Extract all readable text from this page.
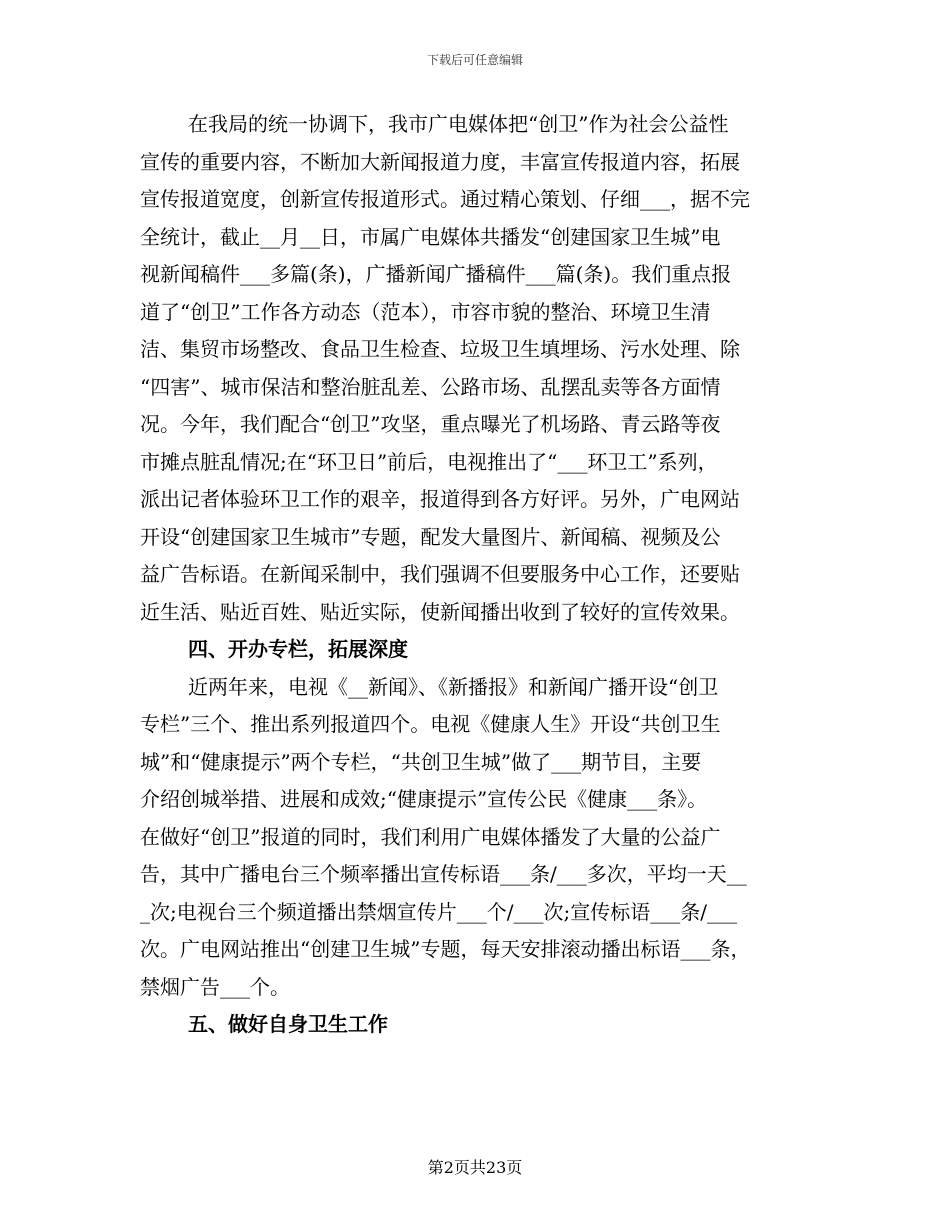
下载后可任意编辑
在我局的统一协调下，我市广电媒体把“创卫”作为社会公益性
宣传的重要内容，不断加大新闻报道力度，丰富宣传报道内容，拓展
宣传报道宽度，创新宣传报道形式。通过精心策划、仔细___，据不完
全统计，截止__月__日，市属广电媒体共播发“创建国家卫生城”电
视新闻稿件___多篇(条)，广播新闻广播稿件___篇(条)。我们重点报
道了“创卫”工作各方动态（范本），市容市貌的整治、环境卫生清
洁、集贸市场整改、食品卫生检查、垃圾卫生填埋场、污水处理、除
“四害”、城市保洁和整治脏乱差、公路市场、乱摆乱卖等各方面情
况。今年，我们配合“创卫”攻坚，重点曝光了机场路、青云路等夜
市摊点脏乱情况;在“环卫日”前后，电视推出了“___环卫工”系列，
派出记者体验环卫工作的艰辛，报道得到各方好评。另外，广电网站
开设“创建国家卫生城市”专题，配发大量图片、新闻稿、视频及公
益广告标语。在新闻采制中，我们强调不但要服务中心工作，还要贴
近生活、贴近百姓、贴近实际，使新闻播出收到了较好的宣传效果。
四、开办专栏，拓展深度
近两年来，电视《__新闻》、《新播报》和新闻广播开设“创卫
专栏”三个、推出系列报道四个。电视《健康人生》开设“共创卫生
城”和“健康提示”两个专栏，“共创卫生城”做了___期节目，主要
介绍创城举措、进展和成效;“健康提示”宣传公民《健康___条》。
在做好“创卫”报道的同时，我们利用广电媒体播发了大量的公益广
告，其中广播电台三个频率播出宣传标语___条/___多次，平均一天__
_次;电视台三个频道播出禁烟宣传片___个/___次;宣传标语___条/___
次。广电网站推出“创建卫生城”专题，每天安排滚动播出标语___条，
禁烟广告___个。
五、做好自身卫生工作
第2页共23页
